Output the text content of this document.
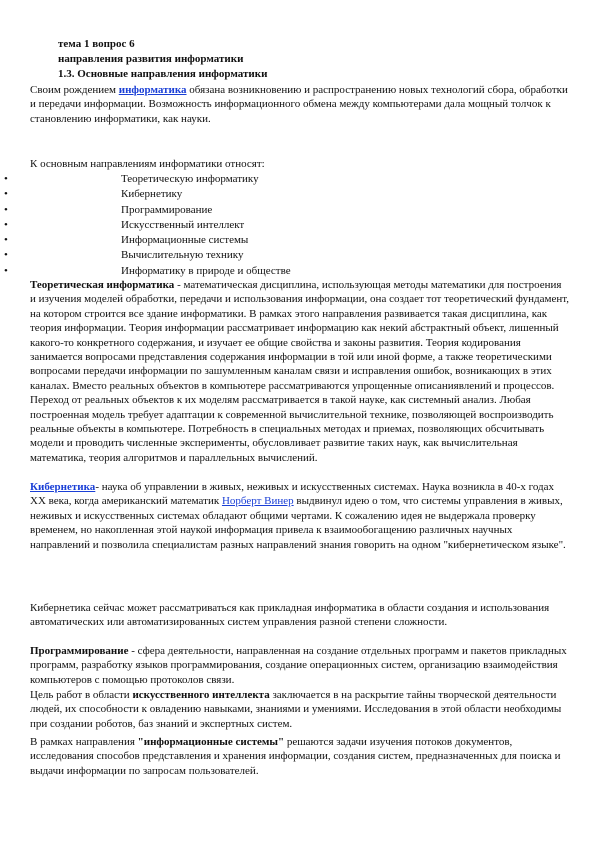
тема 1 вопрос 6
направления развития информатики
1.3. Основные направления информатики
Своим рождением информатика обязана возникновению и распространению новых технологий сбора, обработки и передачи информации. Возможность информационного обмена между компьютерами дала мощный толчок к становлению информатики, как науки.
К основным направлениям информатики относят:
•	Теоретическую информатику
•	Кибернетику
•	Программирование
•	Искусственный интеллект
•	Информационные системы
•	Вычислительную технику
•	Информатику в природе и обществе
Теоретическая информатика - математическая дисциплина, использующая методы математики для построения и изучения моделей обработки, передачи и использования информации, она создает тот теоретический фундамент, на котором строится все здание информатики. В рамках этого направления развивается такая дисциплина, как теория информации. Теория информации рассматривает информацию как некий абстрактный объект, лишенный какого-то конкретного содержания, и изучает ее общие свойства и законы развития. Теория кодирования занимается вопросами представления содержания информации в той или иной форме, а также теоретическими вопросами передачи информации по зашумленным каналам связи и исправления ошибок, возникающих в этих каналах. Вместо реальных объектов в компьютере рассматриваются упрощенные описаниявлений и процессов. Переход от реальных объектов к их моделям рассматривается в такой науке, как системный анализ. Любая построенная модель требует адаптации к современной вычислительной технике, позволяющей воспроизводить реальные объекты в компьютере. Потребность в специальных методах и приемах, позволяющих обсчитывать модели и проводить численные эксперименты, обусловливает развитие таких наук, как вычислительная математика, теория алгоритмов и параллельных вычислений.
Кибернетика- наука об управлении в живых, неживых и искусственных системах. Наука возникла в 40-х годах XX века, когда американский математик Норберт Винер выдвинул идею о том, что системы управления в живых, неживых и искусственных системах обладают общими чертами. К сожалению идея не выдержала проверку временем, но накопленная этой наукой информация привела к взаимообогащению различных научных направлений и позволила специалистам разных направлений знания говорить на одном "кибернетическом языке".
Кибернетика сейчас может рассматриваться как прикладная информатика в области создания и использования автоматических или автоматизированных систем управления разной степени сложности.
Программирование - сфера деятельности, направленная на создание отдельных программ и пакетов прикладных программ, разработку языков программирования, создание операционных систем, организацию взаимодействия компьютеров с помощью протоколов связи.
Цель работ в области искусственного интеллекта заключается в на раскрытие тайны творческой деятельности людей, их способности к овладению навыками, знаниями и умениями. Исследования в этой области необходимы при создании роботов, баз знаний и экспертных систем.
В рамках направления "информационные системы" решаются задачи изучения потоков документов, исследования способов представления и хранения информации, создания систем, предназначенных для поиска и выдачи информации по запросам пользователей.
